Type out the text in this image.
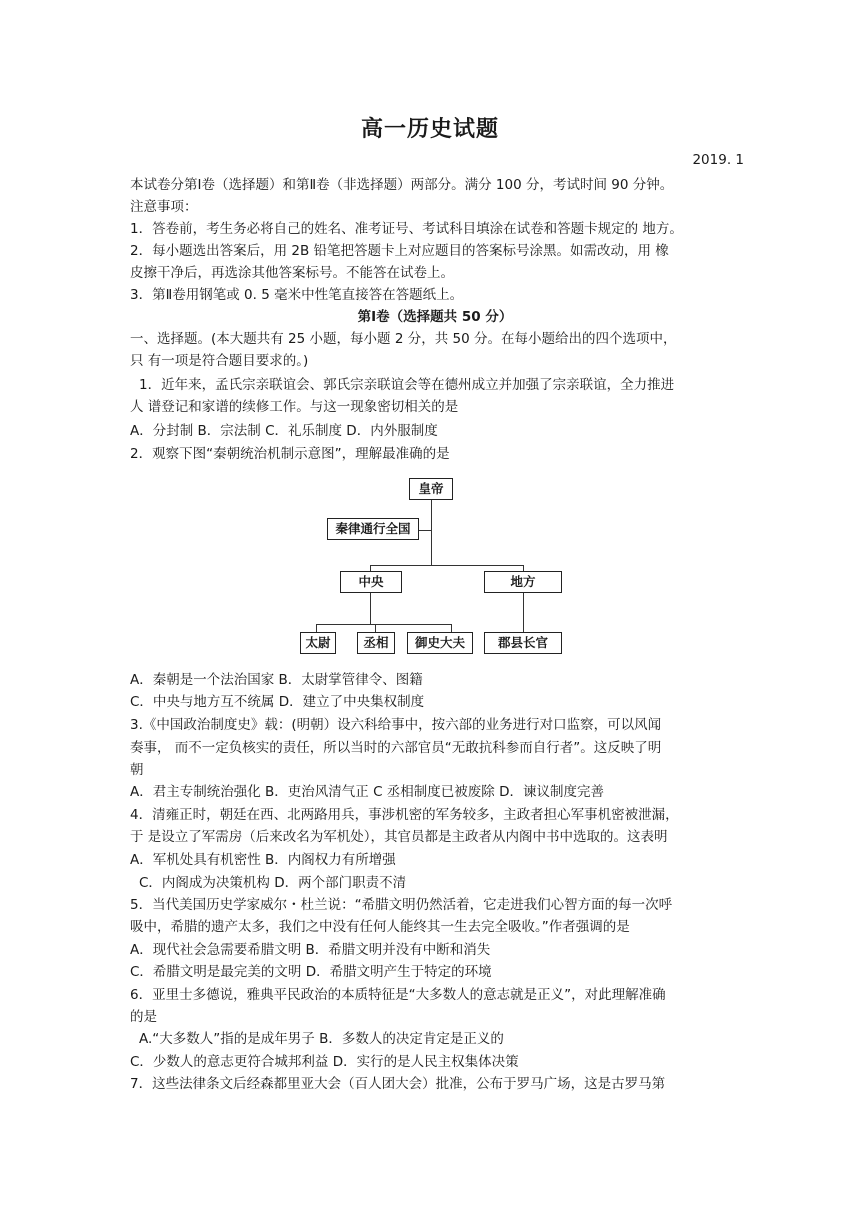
高一历史试题
2019. 1
本试卷分第Ⅰ卷（选择题）和第Ⅱ卷（非选择题）两部分。满分 100 分，考试时间 90 分钟。
注意事项：
1．答卷前，考生务必将自己的姓名、准考证号、考试科目填涂在试卷和答题卡规定的 地方。
2．每小题选出答案后，用 2B 铅笔把答题卡上对应题目的答案标号涂黑。如需改动，用 橡
皮擦干净后，再选涂其他答案标号。不能答在试卷上。
3．第Ⅱ卷用钢笔或 0. 5 毫米中性笔直接答在答题纸上。
第Ⅰ卷（选择题共 50 分）
一、选择题。(本大题共有 25 小题，每小题 2 分，共 50 分。在每小题给出的四个选项中，
只 有一项是符合题目要求的。)
1．近年来，孟氏宗亲联谊会、郭氏宗亲联谊会等在德州成立并加强了宗亲联谊，全力推进
人 谱登记和家谱的续修工作。与这一现象密切相关的是
A．分封制 B．宗法制 C．礼乐制度 D．内外服制度
2．观察下图“秦朝统治机制示意图”，理解最准确的是
皇帝
秦律通行全国
中央	地方
太尉	丞相	御史大夫	郡县长官
A．秦朝是一个法治国家 B．太尉掌管律令、图籍
C．中央与地方互不统属 D．建立了中央集权制度
3.《中国政治制度史》载：(明朝）设六科给事中，按六部的业务进行对口监察，可以风闻
奏事， 而不一定负核实的责任，所以当时的六部官员“无敢抗科参而自行者”。这反映了明
朝
A．君主专制统治强化 B．吏治风清气正 C 丞相制度已被废除 D．谏议制度完善
4．清雍正时，朝廷在西、北两路用兵，事涉机密的军务较多，主政者担心军事机密被泄漏，
于 是设立了军需房（后来改名为军机处），其官员都是主政者从内阁中书中选取的。这表明
A．军机处具有机密性 B．内阁权力有所增强
C．内阁成为决策机构 D．两个部门职责不清
5．当代美国历史学家威尔・杜兰说：“希腊文明仍然活着，它走进我们心智方面的每一次呼
吸中，希腊的遗产太多，我们之中没有任何人能终其一生去完全吸收。”作者强调的是
A．现代社会急需要希腊文明 B．希腊文明并没有中断和消失
C．希腊文明是最完美的文明 D．希腊文明产生于特定的环境
6．亚里士多德说，雅典平民政治的本质特征是“大多数人的意志就是正义”，对此理解准确
的是
A.“大多数人”指的是成年男子 B．多数人的决定肯定是正义的
C．少数人的意志更符合城邦利益 D．实行的是人民主权集体决策
7．这些法律条文后经森都里亚大会（百人团大会）批准，公布于罗马广场，这是古罗马第
